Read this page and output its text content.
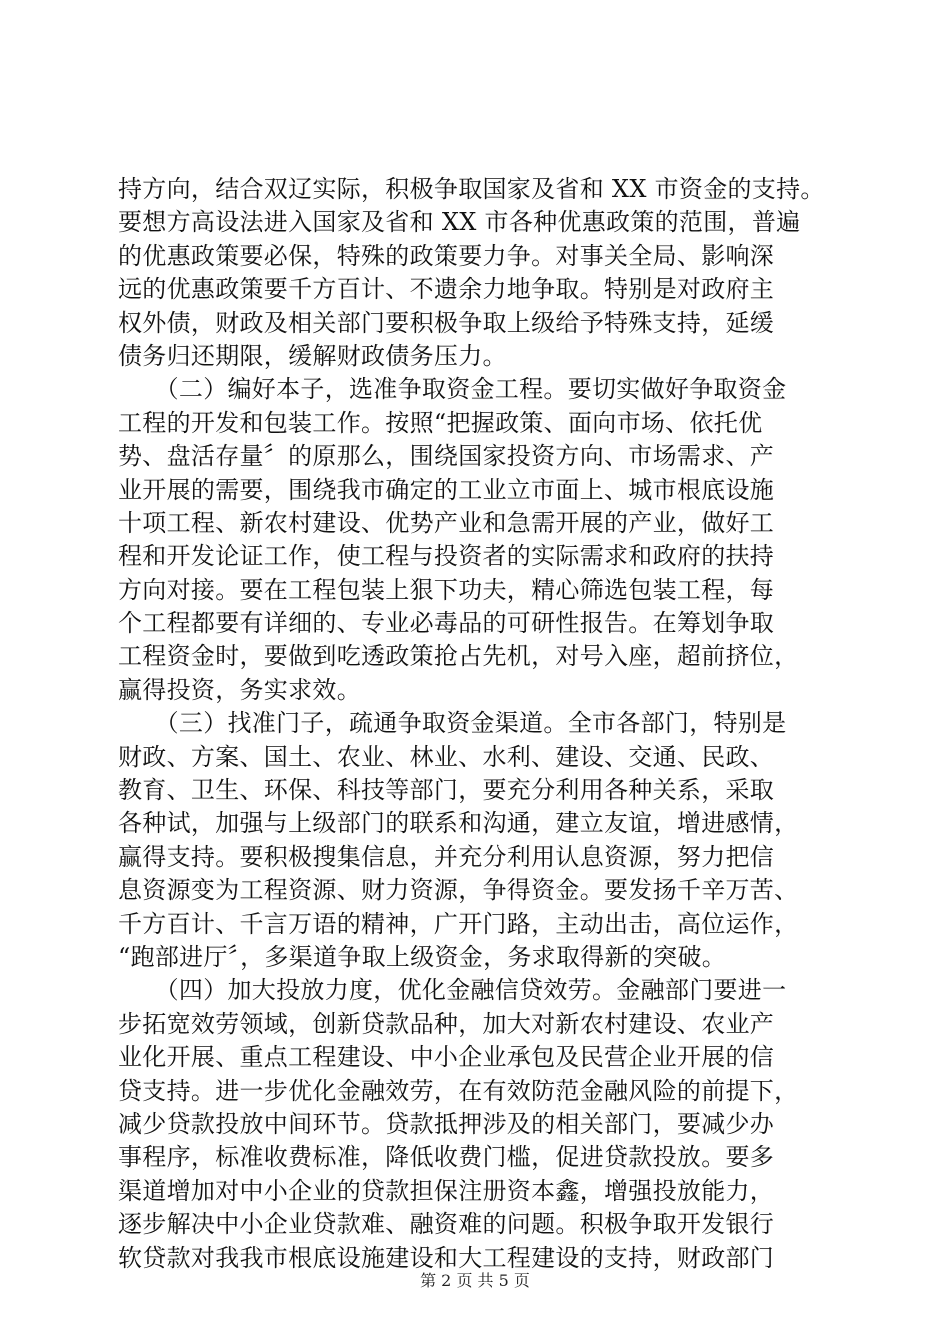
持方向，结合双辽实际，积极争取国家及省和 XX 市资金的支持。
要想方高设法进入国家及省和 XX 市各种优惠政策的范围，普遍
的优惠政策要必保，特殊的政策要力争。对事关全局、影响深
远的优惠政策要千方百计、不遗余力地争取。特别是对政府主
权外债，财政及相关部门要积极争取上级给予特殊支持，延缓
债务归还期限，缓解财政债务压力。
　　（二）编好本子，选准争取资金工程。要切实做好争取资金
工程的开发和包装工作。按照“把握政策、面向市场、依托优
势、盘活存量〞的原那么，围绕国家投资方向、市场需求、产
业开展的需要，围绕我市确定的工业立市面上、城市根底设施
十项工程、新农村建设、优势产业和急需开展的产业，做好工
程和开发论证工作，使工程与投资者的实际需求和政府的扶持
方向对接。要在工程包装上狠下功夫，精心筛选包装工程，每
个工程都要有详细的、专业必毒品的可研性报告。在筹划争取
工程资金时，要做到吃透政策抢占先机，对号入座，超前挤位，
赢得投资，务实求效。
　　（三）找准门子，疏通争取资金渠道。全市各部门，特别是
财政、方案、国土、农业、林业、水利、建设、交通、民政、
教育、卫生、环保、科技等部门，要充分利用各种关系，采取
各种试，加强与上级部门的联系和沟通，建立友谊，增进感情，
赢得支持。要积极搜集信息，并充分利用认息资源，努力把信
息资源变为工程资源、财力资源，争得资金。要发扬千辛万苦、
千方百计、千言万语的精神，广开门路，主动出击，高位运作，
“跑部进厅〞，多渠道争取上级资金，务求取得新的突破。
　　（四）加大投放力度，优化金融信贷效劳。金融部门要进一
步拓宽效劳领域，创新贷款品种，加大对新农村建设、农业产
业化开展、重点工程建设、中小企业承包及民营企业开展的信
贷支持。进一步优化金融效劳，在有效防范金融风险的前提下，
减少贷款投放中间环节。贷款抵押涉及的相关部门，要减少办
事程序，标准收费标准，降低收费门槛，促进贷款投放。要多
渠道增加对中小企业的贷款担保注册资本鑫，增强投放能力，
逐步解决中小企业贷款难、融资难的问题。积极争取开发银行
软贷款对我我市根底设施建设和大工程建设的支持，财政部门
第 2 页 共 5 页
